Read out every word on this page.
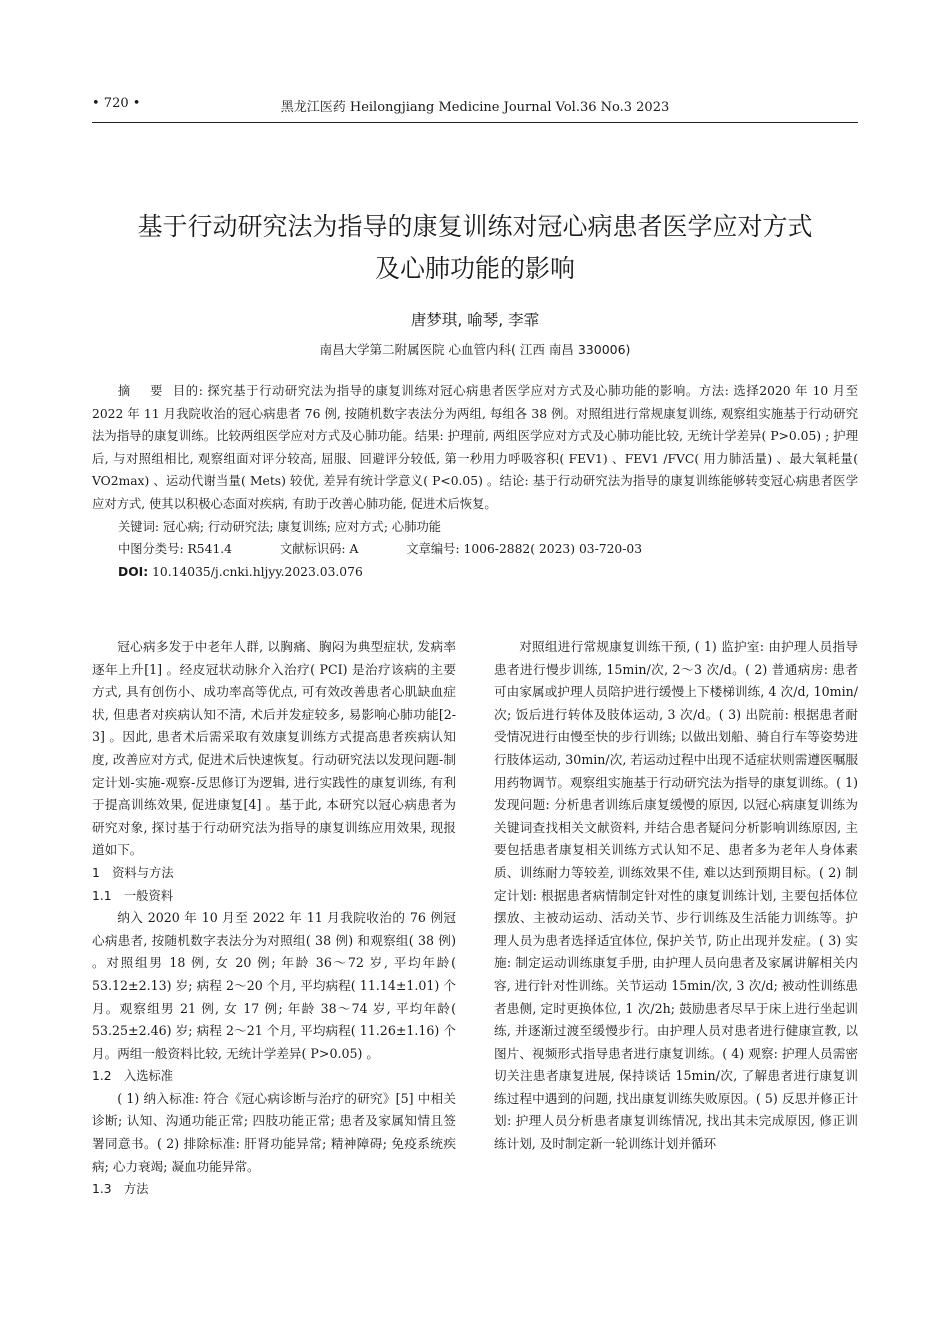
• 720 •	黑龙江医药 Heilongjiang Medicine Journal Vol.36 No.3 2023
基于行动研究法为指导的康复训练对冠心病患者医学应对方式
及心肺功能的影响
唐梦琪, 喻琴, 李霏
南昌大学第二附属医院 心血管内科( 江西 南昌 330006)

摘 要 目的: 探究基于行动研究法为指导的康复训练对冠心病患者医学应对方式及心肺功能的影响。方法: 选择2020 年 10 月至 2022 年 11 月我院收治的冠心病患者 76 例, 按随机数字表法分为两组, 每组各 38 例。对照组进行常规康复训练, 观察组实施基于行动研究法为指导的康复训练。比较两组医学应对方式及心肺功能。结果: 护理前, 两组医学应对方式及心肺功能比较, 无统计学差异( P>0.05) ; 护理后, 与对照组相比, 观察组面对评分较高, 屈服、回避评分较低, 第一秒用力呼吸容积( FEV1) 、FEV1 /FVC( 用力肺活量) 、最大氧耗量( VO2max) 、运动代谢当量( Mets) 较优, 差异有统计学意义( P<0.05) 。结论: 基于行动研究法为指导的康复训练能够转变冠心病患者医学应对方式, 使其以积极心态面对疾病, 有助于改善心肺功能, 促进术后恢复。

关键词: 冠心病; 行动研究法; 康复训练; 应对方式; 心肺功能
中图分类号: R541.4	文献标识码: A	文章编号: 1006-2882( 2023) 03-720-03
DOI: 10.14035/j.cnki.hljyy.2023.03.076

冠心病多发于中老年人群, 以胸痛、胸闷为典型症状, 发病率逐年上升[1] 。经皮冠状动脉介入治疗( PCI) 是治疗该病的主要方式, 具有创伤小、成功率高等优点, 可有效改善患者心肌缺血症状, 但患者对疾病认知不清, 术后并发症较多, 易影响心肺功能[2-3] 。因此, 患者术后需采取有效康复训练方式提高患者疾病认知度, 改善应对方式, 促进术后快速恢复。行动研究法以发现问题-制定计划-实施-观察-反思修订为逻辑, 进行实践性的康复训练, 有利于提高训练效果, 促进康复[4] 。基于此, 本研究以冠心病患者为研究对象, 探讨基于行动研究法为指导的康复训练应用效果, 现报道如下。

1 资料与方法
1.1 一般资料

纳入 2020 年 10 月至 2022 年 11 月我院收治的 76 例冠心病患者, 按随机数字表法分为对照组( 38 例) 和观察组( 38 例) 。对照组男 18 例, 女 20 例; 年龄 36～72 岁, 平均年龄( 53.12±2.13) 岁; 病程 2～20 个月, 平均病程( 11.14±1.01) 个月。观察组男 21 例, 女 17 例; 年龄 38～74 岁, 平均年龄( 53.25±2.46) 岁; 病程 2～21 个月, 平均病程( 11.26±1.16) 个月。两组一般资料比较, 无统计学差异( P>0.05) 。

1.2 入选标准

( 1) 纳入标准: 符合《冠心病诊断与治疗的研究》[5] 中相关诊断; 认知、沟通功能正常; 四肢功能正常; 患者及家属知情且签署同意书。( 2) 排除标准: 肝肾功能异常; 精神障碍; 免疫系统疾病; 心力衰竭; 凝血功能异常。

1.3 方法

对照组进行常规康复训练干预, ( 1) 监护室: 由护理人员指导患者进行慢步训练, 15min/次, 2～3 次/d。( 2) 普通病房: 患者可由家属或护理人员陪护进行缓慢上下楼梯训练, 4 次/d, 10min/次; 饭后进行转体及肢体运动, 3 次/d。( 3) 出院前: 根据患者耐受情况进行由慢至快的步行训练; 以做出划船、骑自行车等姿势进行肢体运动, 30min/次, 若运动过程中出现不适症状则需遵医嘱服用药物调节。观察组实施基于行动研究法为指导的康复训练。( 1) 发现问题: 分析患者训练后康复缓慢的原因, 以冠心病康复训练为关键词查找相关文献资料, 并结合患者疑问分析影响训练原因, 主要包括患者康复相关训练方式认知不足、患者多为老年人身体素质、训练耐力等较差, 训练效果不佳, 难以达到预期目标。( 2) 制定计划: 根据患者病情制定针对性的康复训练计划, 主要包括体位摆放、主被动运动、活动关节、步行训练及生活能力训练等。护理人员为患者选择适宜体位, 保护关节, 防止出现并发症。( 3) 实施: 制定运动训练康复手册, 由护理人员向患者及家属讲解相关内容, 进行针对性训练。关节运动 15min/次, 3 次/d; 被动性训练患者患侧, 定时更换体位, 1 次/2h; 鼓励患者尽早于床上进行坐起训练, 并逐渐过渡至缓慢步行。由护理人员对患者进行健康宣教, 以图片、视频形式指导患者进行康复训练。( 4) 观察: 护理人员需密切关注患者康复进展, 保持谈话 15min/次, 了解患者进行康复训练过程中遇到的问题, 找出康复训练失败原因。( 5) 反思并修正计划: 护理人员分析患者康复训练情况, 找出其未完成原因, 修正训练计划, 及时制定新一轮训练计划并循环
